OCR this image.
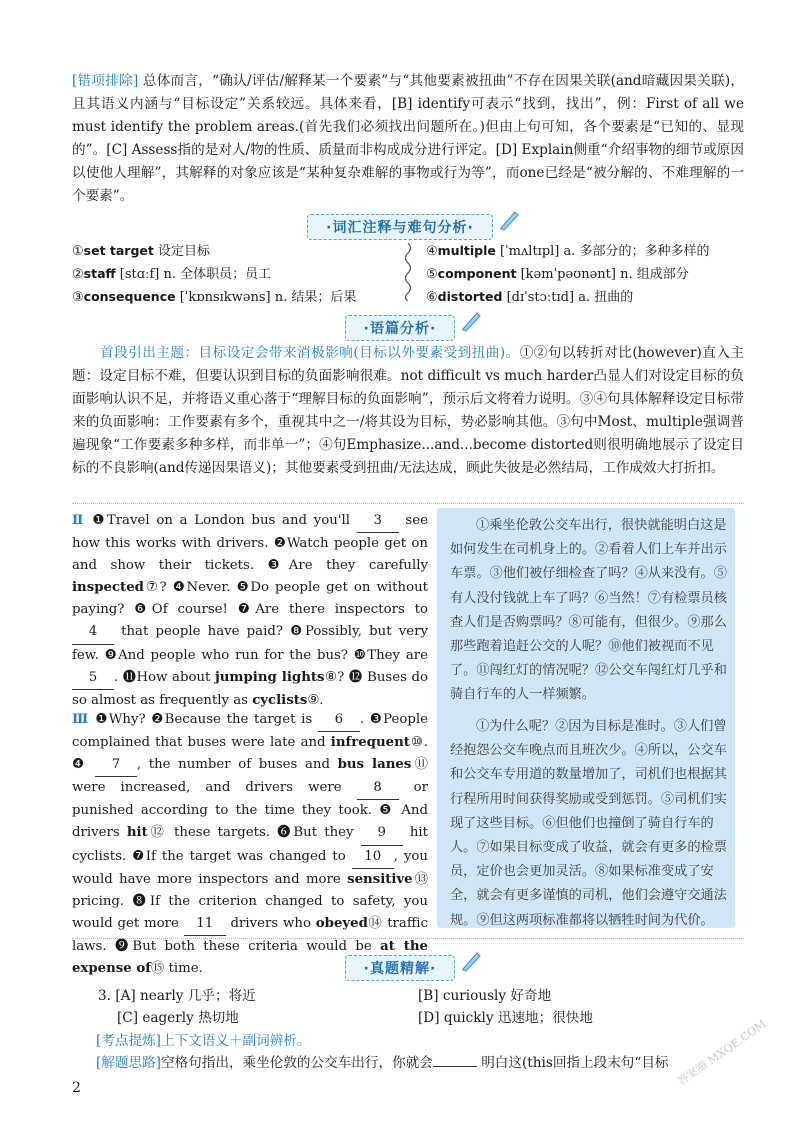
[错项排除] 总体而言，“确认/评估/解释某一个要素”与“其他要素被扭曲”不存在因果关联(and暗藏因果关联)，且其语义内涵与“目标设定”关系较远。具体来看，[B] identify可表示“找到，找出”，例：First of all we must identify the problem areas.(首先我们必须找出问题所在。)但由上句可知，各个要素是“已知的、显现的”。[C] Assess指的是对人/物的性质、质量而非构成成分进行评定。[D] Explain侧重“介绍事物的细节或原因以使他人理解”，其解释的对象应该是“某种复杂难解的事物或行为等”，而one已经是“被分解的、不难理解的一个要素”。
·词汇注释与难句分析·
①set target 设定目标
②staff [stɑːf] n. 全体职员；员工
③consequence [ˈkɒnsɪkwəns] n. 结果；后果
④multiple [ˈmʌltɪpl] a. 多部分的；多种多样的
⑤component [kəmˈpəʊnənt] n. 组成部分
⑥distorted [dɪˈstɔːtɪd] a. 扭曲的
·语篇分析·
首段引出主题：目标设定会带来消极影响(目标以外要素受到扭曲)。①②句以转折对比(however)直入主题：设定目标不难，但要认识到目标的负面影响很难。not difficult vs much harder凸显人们对设定目标的负面影响认识不足，并将语义重心落于“理解目标的负面影响”，预示后文将着力说明。③④句具体解释设定目标带来的负面影响：工作要素有多个，重视其中之一/将其设为目标，势必影响其他。③句中Most、multiple强调普遍现象“工作要素多种多样，而非单一”；④句Emphasize...and...become distorted则很明确地展示了设定目标的不良影响(and传递因果语义)；其他要素受到扭曲/无法达成，顾此失彼是必然结局，工作成效大打折扣。
Ⅱ ❶Travel on a London bus and you'll 3 see how this works with drivers. ❷Watch people get on and show their tickets. ❸Are they carefully inspected⑦? ❹Never. ❺Do people get on without paying? ❻Of course! ❼Are there inspectors to 4 that people have paid? ❽Possibly, but very few. ❾And people who run for the bus? ❿They are 5 . ⓫How about jumping lights⑧? ⓬ Buses do so almost as frequently as cyclists⑨.
Ⅲ ❶Why? ❷Because the target is 6 . ❸People complained that buses were late and infrequent⑩. ❹ 7 , the number of buses and bus lanes⑪ were increased, and drivers were 8 or punished according to the time they took. ❺ And drivers hit⑫ these targets. ❻But they 9 hit cyclists. ❼If the target was changed to 10 , you would have more inspectors and more sensitive⑬ pricing. ❽If the criterion changed to safety, you would get more 11 drivers who obeyed⑭ traffic laws. ❾But both these criteria would be at the expense of⑮ time.
①乘坐伦敦公交车出行，很快就能明白这是如何发生在司机身上的。②看着人们上车并出示车票。③他们被仔细检查了吗？④从来没有。⑤有人没付钱就上车了吗？⑥当然！⑦有检票员核查人们是否购票吗？⑧可能有，但很少。⑨那么那些跑着追赶公交的人呢？⑩他们被视而不见了。⑪闯红灯的情况呢？⑫公交车闯红灯几乎和骑自行车的人一样频繁。
①为什么呢？②因为目标是准时。③人们曾经抱怨公交车晚点而且班次少。④所以，公交车和公交车专用道的数量增加了，司机们也根据其行程所用时间获得奖励或受到惩罚。⑤司机们实现了这些目标。⑥但他们也撞倒了骑自行车的人。⑦如果目标变成了收益，就会有更多的检票员，定价也会更加灵活。⑧如果标准变成了安全，就会有更多谨慎的司机，他们会遵守交通法规。⑨但这两项标准都将以牺牲时间为代价。
·真题精解·
3. [A] nearly 几乎；将近	[B] curiously 好奇地
[C] eagerly 热切地	[D] quickly 迅速地；很快地
[考点提炼]上下文语义＋副词辨析。
[解题思路]空格句指出，乘坐伦敦的公交车出行，你就会	明白这(this回指上段末句“目标
2	答案圈 MXQE.COM
